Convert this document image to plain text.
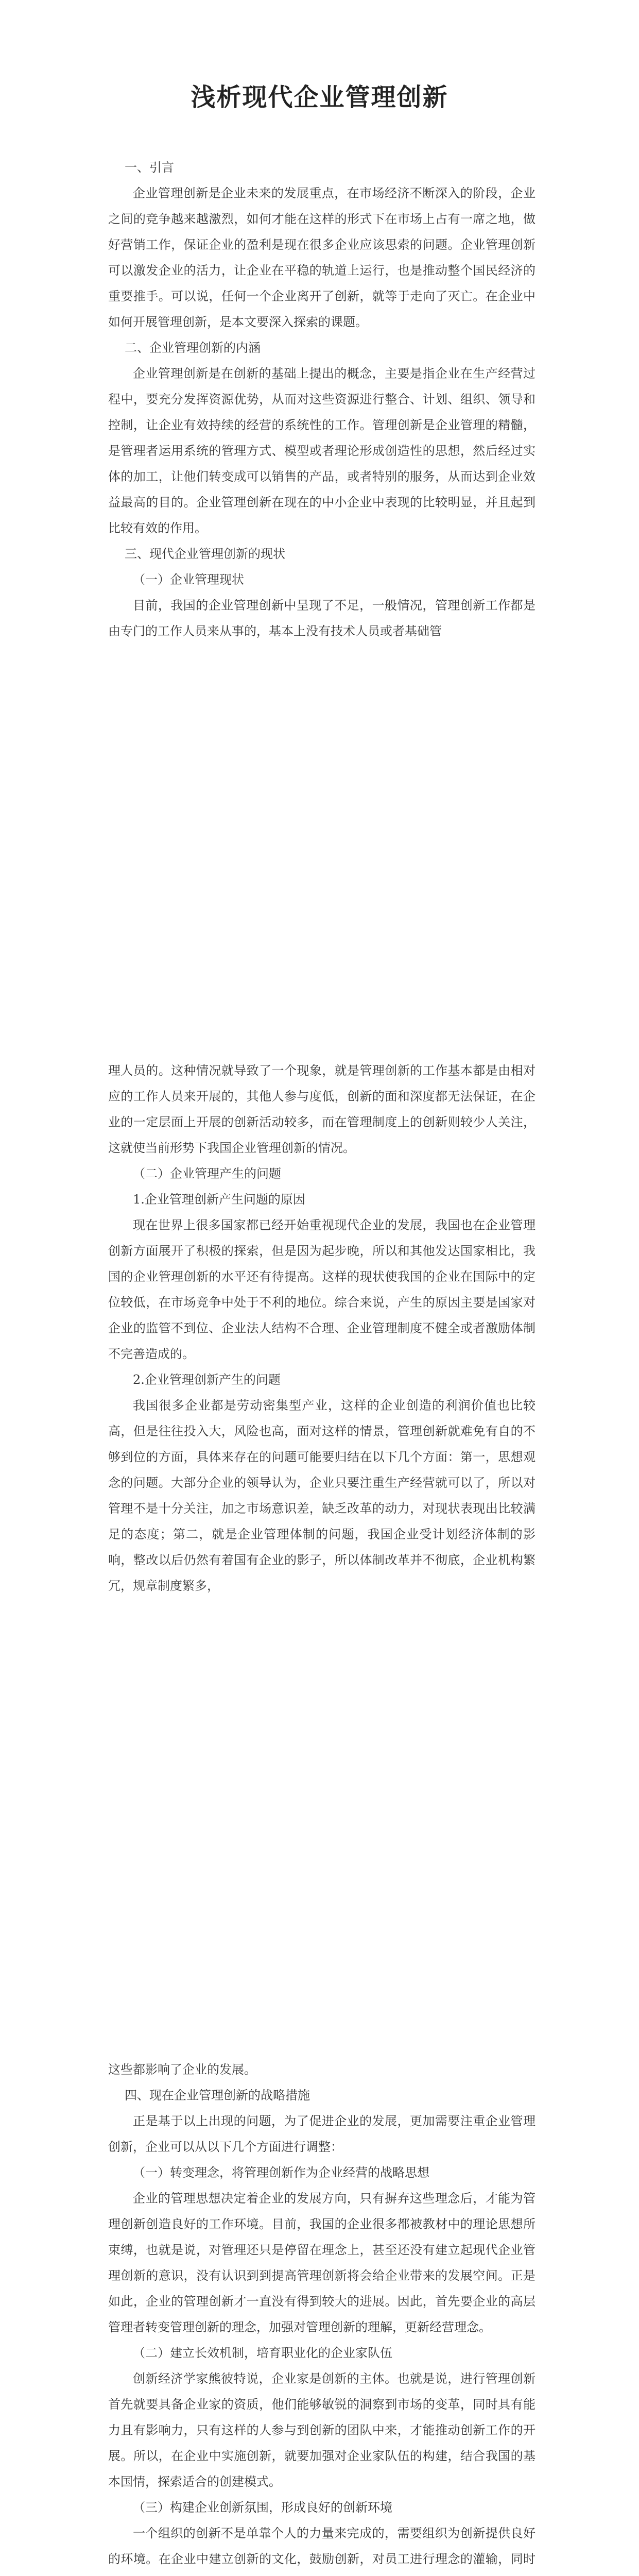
浅析现代企业管理创新

一、引言

企业管理创新是企业未来的发展重点，在市场经济不断深入的阶段，企业之间的竞争越来越激烈，如何才能在这样的形式下在市场上占有一席之地，做好营销工作，保证企业的盈利是现在很多企业应该思索的问题。企业管理创新可以激发企业的活力，让企业在平稳的轨道上运行，也是推动整个国民经济的重要推手。可以说，任何一个企业离开了创新，就等于走向了灭亡。在企业中如何开展管理创新，是本文要深入探索的课题。

二、企业管理创新的内涵

企业管理创新是在创新的基础上提出的概念，主要是指企业在生产经营过程中，要充分发挥资源优势，从而对这些资源进行整合、计划、组织、领导和控制，让企业有效持续的经营的系统性的工作。管理创新是企业管理的精髓，是管理者运用系统的管理方式、模型或者理论形成创造性的思想，然后经过实体的加工，让他们转变成可以销售的产品，或者特别的服务，从而达到企业效益最高的目的。企业管理创新在现在的中小企业中表现的比较明显，并且起到比较有效的作用。

三、现代企业管理创新的现状

（一）企业管理现状

目前，我国的企业管理创新中呈现了不足，一般情况，管理创新工作都是由专门的工作人员来从事的，基本上没有技术人员或者基础管

理人员的。这种情况就导致了一个现象，就是管理创新的工作基本都是由相对应的工作人员来开展的，其他人参与度低，创新的面和深度都无法保证，在企业的一定层面上开展的创新活动较多，而在管理制度上的创新则较少人关注，这就使当前形势下我国企业管理创新的情况。

（二）企业管理产生的问题

1.企业管理创新产生问题的原因

现在世界上很多国家都已经开始重视现代企业的发展，我国也在企业管理创新方面展开了积极的探索，但是因为起步晚，所以和其他发达国家相比，我国的企业管理创新的水平还有待提高。这样的现状使我国的企业在国际中的定位较低，在市场竞争中处于不利的地位。综合来说，产生的原因主要是国家对企业的监管不到位、企业法人结构不合理、企业管理制度不健全或者激励体制不完善造成的。

2.企业管理创新产生的问题

我国很多企业都是劳动密集型产业，这样的企业创造的利润价值也比较高，但是往往投入大，风险也高，面对这样的情景，管理创新就难免有自的不够到位的方面，具体来存在的问题可能要归结在以下几个方面：第一，思想观念的问题。大部分企业的领导认为，企业只要注重生产经营就可以了，所以对管理不是十分关注，加之市场意识差，缺乏改革的动力，对现状表现出比较满足的态度；第二，就是企业管理体制的问题，我国企业受计划经济体制的影响，整改以后仍然有着国有企业的影子，所以体制改革并不彻底，企业机构繁冗，规章制度繁多，

这些都影响了企业的发展。

四、现在企业管理创新的战略措施

正是基于以上出现的问题，为了促进企业的发展，更加需要注重企业管理创新，企业可以从以下几个方面进行调整：

（一）转变理念，将管理创新作为企业经营的战略思想

企业的管理思想决定着企业的发展方向，只有摒弃这些理念后，才能为管理创新创造良好的工作环境。目前，我国的企业很多都被教材中的理论思想所束缚，也就是说，对管理还只是停留在理念上，甚至还没有建立起现代企业管理创新的意识，没有认识到到提高管理创新将会给企业带来的发展空间。正是如此，企业的管理创新才一直没有得到较大的进展。因此，首先要企业的高层管理者转变管理创新的理念，加强对管理创新的理解，更新经营理念。

（二）建立长效机制，培育职业化的企业家队伍

创新经济学家熊彼特说，企业家是创新的主体。也就是说，进行管理创新首先就要具备企业家的资质，他们能够敏锐的洞察到市场的变革，同时具有能力且有影响力，只有这样的人参与到创新的团队中来，才能推动创新工作的开展。所以，在企业中实施创新，就要加强对企业家队伍的构建，结合我国的基本国情，探索适合的创建模式。

（三）构建企业创新氛围，形成良好的创新环境

一个组织的创新不是单靠个人的力量来完成的，需要组织为创新提供良好的环境。在企业中建立创新的文化，鼓励创新，对员工进行理念的灌输，同时
